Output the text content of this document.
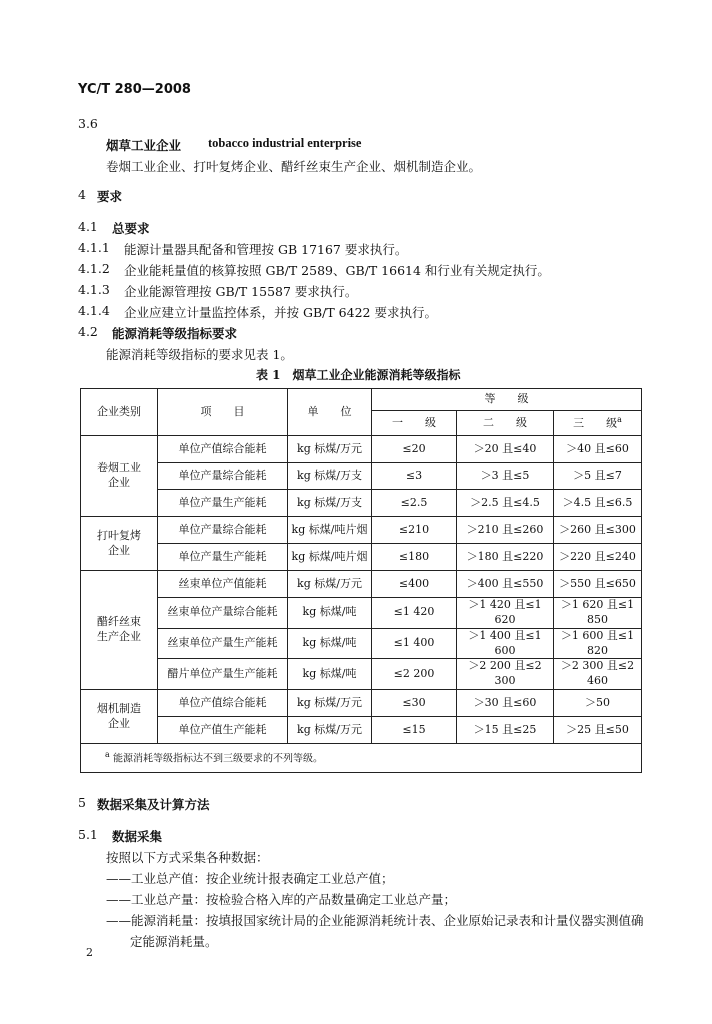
YC/T 280—2008
3.6
烟草工业企业 tobacco industrial enterprise
卷烟工业企业、打叶复烤企业、醋纤丝束生产企业、烟机制造企业。
4 要求
4.1 总要求
4.1.1 能源计量器具配备和管理按 GB 17167 要求执行。
4.1.2 企业能耗量值的核算按照 GB/T 2589、GB/T 16614 和行业有关规定执行。
4.1.3 企业能源管理按 GB/T 15587 要求执行。
4.1.4 企业应建立计量监控体系，并按 GB/T 6422 要求执行。
4.2 能源消耗等级指标要求
能源消耗等级指标的要求见表 1。
表 1　烟草工业企业能源消耗等级指标
企业类别	项　　目	单　　位	等　　级		
			一　　级	二　　级	三　　级$^a$
卷烟工业企业	单位产值综合能耗	kg 标煤/万元	≤20	＞20 且≤40	＞40 且≤60
	单位产量综合能耗	kg 标煤/万支	≤3	＞3 且≤5	＞5 且≤7
	单位产量生产能耗	kg 标煤/万支	≤2.5	＞2.5 且≤4.5	＞4.5 且≤6.5
打叶复烤企业	单位产量综合能耗	kg 标煤/吨片烟	≤210	＞210 且≤260	＞260 且≤300
	单位产量生产能耗	kg 标煤/吨片烟	≤180	＞180 且≤220	＞220 且≤240
醋纤丝束生产企业	丝束单位产值能耗	kg 标煤/万元	≤400	＞400 且≤550	＞550 且≤650
	丝束单位产量综合能耗	kg 标煤/吨	≤1 420	＞1 420 且≤1 620	＞1 620 且≤1 850
	丝束单位产量生产能耗	kg 标煤/吨	≤1 400	＞1 400 且≤1 600	＞1 600 且≤1 820
	醋片单位产量生产能耗	kg 标煤/吨	≤2 200	＞2 200 且≤2 300	＞2 300 且≤2 460
烟机制造企业	单位产值综合能耗	kg 标煤/万元	≤30	＞30 且≤60	＞50
	单位产值生产能耗	kg 标煤/万元	≤15	＞15 且≤25	＞25 且≤50
$^a$ 能源消耗等级指标达不到三级要求的不列等级。					
5 数据采集及计算方法
5.1 数据采集
按照以下方式采集各种数据：
——工业总产值：按企业统计报表确定工业总产值；
——工业总产量：按检验合格入库的产品数量确定工业总产量；
——能源消耗量：按填报国家统计局的企业能源消耗统计表、企业原始记录表和计量仪器实测值确
定能源消耗量。
2
